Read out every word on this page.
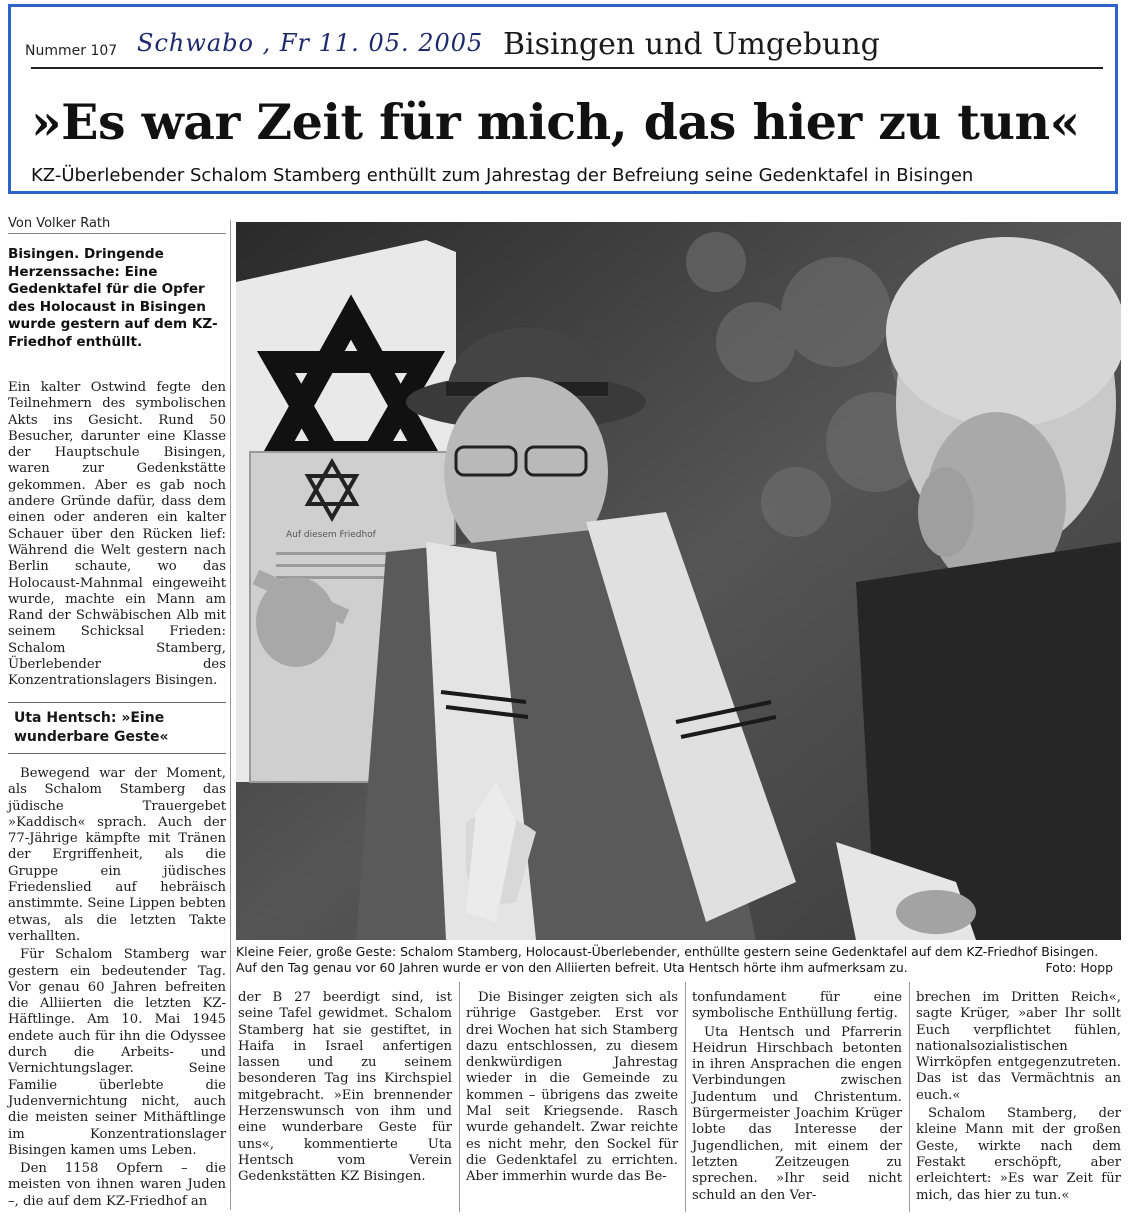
Nummer 107 Schwabo , Fr 11. 05. 2005 Bisingen und Umgebung
»Es war Zeit für mich, das hier zu tun«
KZ-Überlebender Schalom Stamberg enthüllt zum Jahrestag der Befreiung seine Gedenktafel in Bisingen
Von Volker Rath
Bisingen. Dringende Herzenssache: Eine Gedenktafel für die Opfer des Holocaust in Bisingen wurde gestern auf dem KZ-Friedhof enthüllt.

Ein kalter Ostwind fegte den Teilnehmern des symbolischen Akts ins Gesicht. Rund 50 Besucher, darunter eine Klasse der Hauptschule Bisingen, waren zur Gedenkstätte gekommen. Aber es gab noch andere Gründe dafür, dass dem einen oder anderen ein kalter Schauer über den Rücken lief: Während die Welt gestern nach Berlin schaute, wo das Holocaust-Mahnmal eingeweiht wurde, machte ein Mann am Rand der Schwäbischen Alb mit seinem Schicksal Frieden: Schalom Stamberg, Überlebender des Konzentrationslagers Bisingen.

Uta Hentsch: »Eine wunderbare Geste«

Bewegend war der Moment, als Schalom Stamberg das jüdische Trauergebet »Kaddisch« sprach. Auch der 77-Jährige kämpfte mit Tränen der Ergriffenheit, als die Gruppe ein jüdisches Friedenslied auf hebräisch anstimmte. Seine Lippen bebten etwas, als die letzten Takte verhallten.

Für Schalom Stamberg war gestern ein bedeutender Tag. Vor genau 60 Jahren befreiten die Alliierten die letzten KZ-Häftlinge. Am 10. Mai 1945 endete auch für ihn die Odyssee durch die Arbeits- und Vernichtungslager. Seine Familie überlebte die Judenvernichtung nicht, auch die meisten seiner Mithäftlinge im Konzentrationslager Bisingen kamen ums Leben.

Den 1158 Opfern – die meisten von ihnen waren Juden –, die auf dem KZ-Friedhof an

Auf diesem Friedhof
Kleine Feier, große Geste: Schalom Stamberg, Holocaust-Überlebender, enthüllte gestern seine Gedenktafel auf dem KZ-Friedhof Bisingen. Auf den Tag genau vor 60 Jahren wurde er von den Alliierten befreit. Uta Hentsch hörte ihm aufmerksam zu.	Foto: Hopp

der B 27 beerdigt sind, ist seine Tafel gewidmet. Schalom Stamberg hat sie gestiftet, in Haifa in Israel anfertigen lassen und zu seinem besonderen Tag ins Kirchspiel mitgebracht. »Ein brennender Herzenswunsch von ihm und eine wunderbare Geste für uns«, kommentierte Uta Hentsch vom Verein Gedenkstätten KZ Bisingen.

Die Bisinger zeigten sich als rührige Gastgeber. Erst vor drei Wochen hat sich Stamberg dazu entschlossen, zu diesem denkwürdigen Jahrestag wieder in die Gemeinde zu kommen – übrigens das zweite Mal seit Kriegsende. Rasch wurde gehandelt. Zwar reichte es nicht mehr, den Sockel für die Gedenktafel zu errichten. Aber immerhin wurde das Be-

tonfundament für eine symbolische Enthüllung fertig.

Uta Hentsch und Pfarrerin Heidrun Hirschbach betonten in ihren Ansprachen die engen Verbindungen zwischen Judentum und Christentum. Bürgermeister Joachim Krüger lobte das Interesse der Jugendlichen, mit einem der letzten Zeitzeugen zu sprechen. »Ihr seid nicht schuld an den Ver-

brechen im Dritten Reich«, sagte Krüger, »aber Ihr sollt Euch verpflichtet fühlen, nationalsozialistischen Wirrköpfen entgegenzutreten. Das ist das Vermächtnis an euch.«

Schalom Stamberg, der kleine Mann mit der großen Geste, wirkte nach dem Festakt erschöpft, aber erleichtert: »Es war Zeit für mich, das hier zu tun.«
